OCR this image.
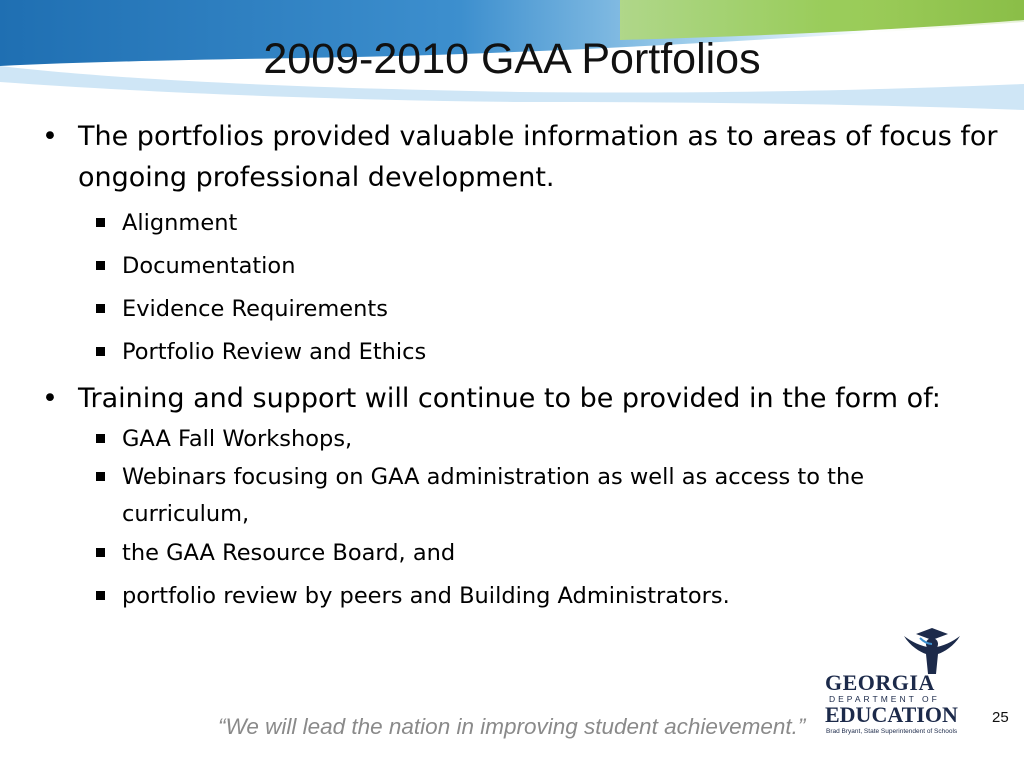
2009-2010 GAA Portfolios
• The portfolios provided valuable information as to areas of focus for ongoing professional development.
Alignment
Documentation
Evidence Requirements
Portfolio Review and Ethics
• Training and support will continue to be provided in the form of:
GAA Fall Workshops,
Webinars focusing on GAA administration as well as access to the curriculum,
the GAA Resource Board, and
portfolio review by peers and Building Administrators.
“We will lead the nation in improving student achievement.”
GEORGIA
DEPARTMENT OF
EDUCATION
Brad Bryant, State Superintendent of Schools
25
